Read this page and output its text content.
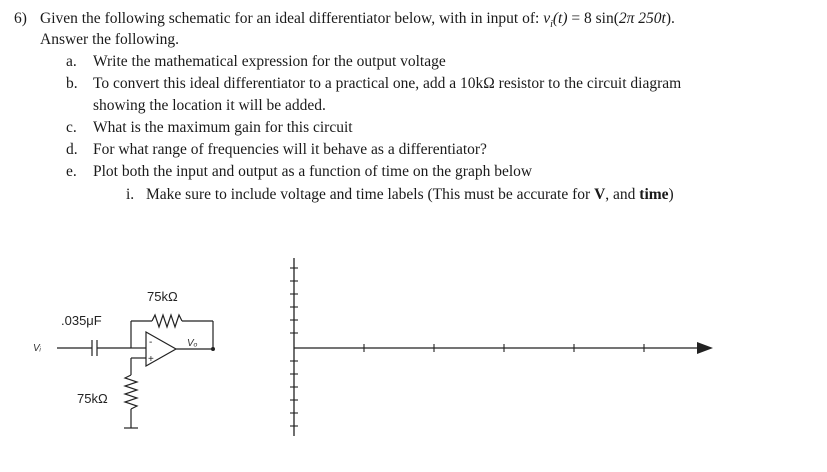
6) Given the following schematic for an ideal differentiator below, with in input of: $v_i(t) = 8$ sin(2π 250t).
Answer the following.
a. Write the mathematical expression for the output voltage
b. To convert this ideal differentiator to a practical one, add a 10kΩ resistor to the circuit diagram
showing the location it will be added.
c. What is the maximum gain for this circuit
d. For what range of frequencies will it behave as a differentiator?
e. Plot both the input and output as a function of time on the graph below
i. Make sure to include voltage and time labels (This must be accurate for V, and time)
75kΩ
.035μF
75kΩ
Vᵢ	Vₒ
-
+
